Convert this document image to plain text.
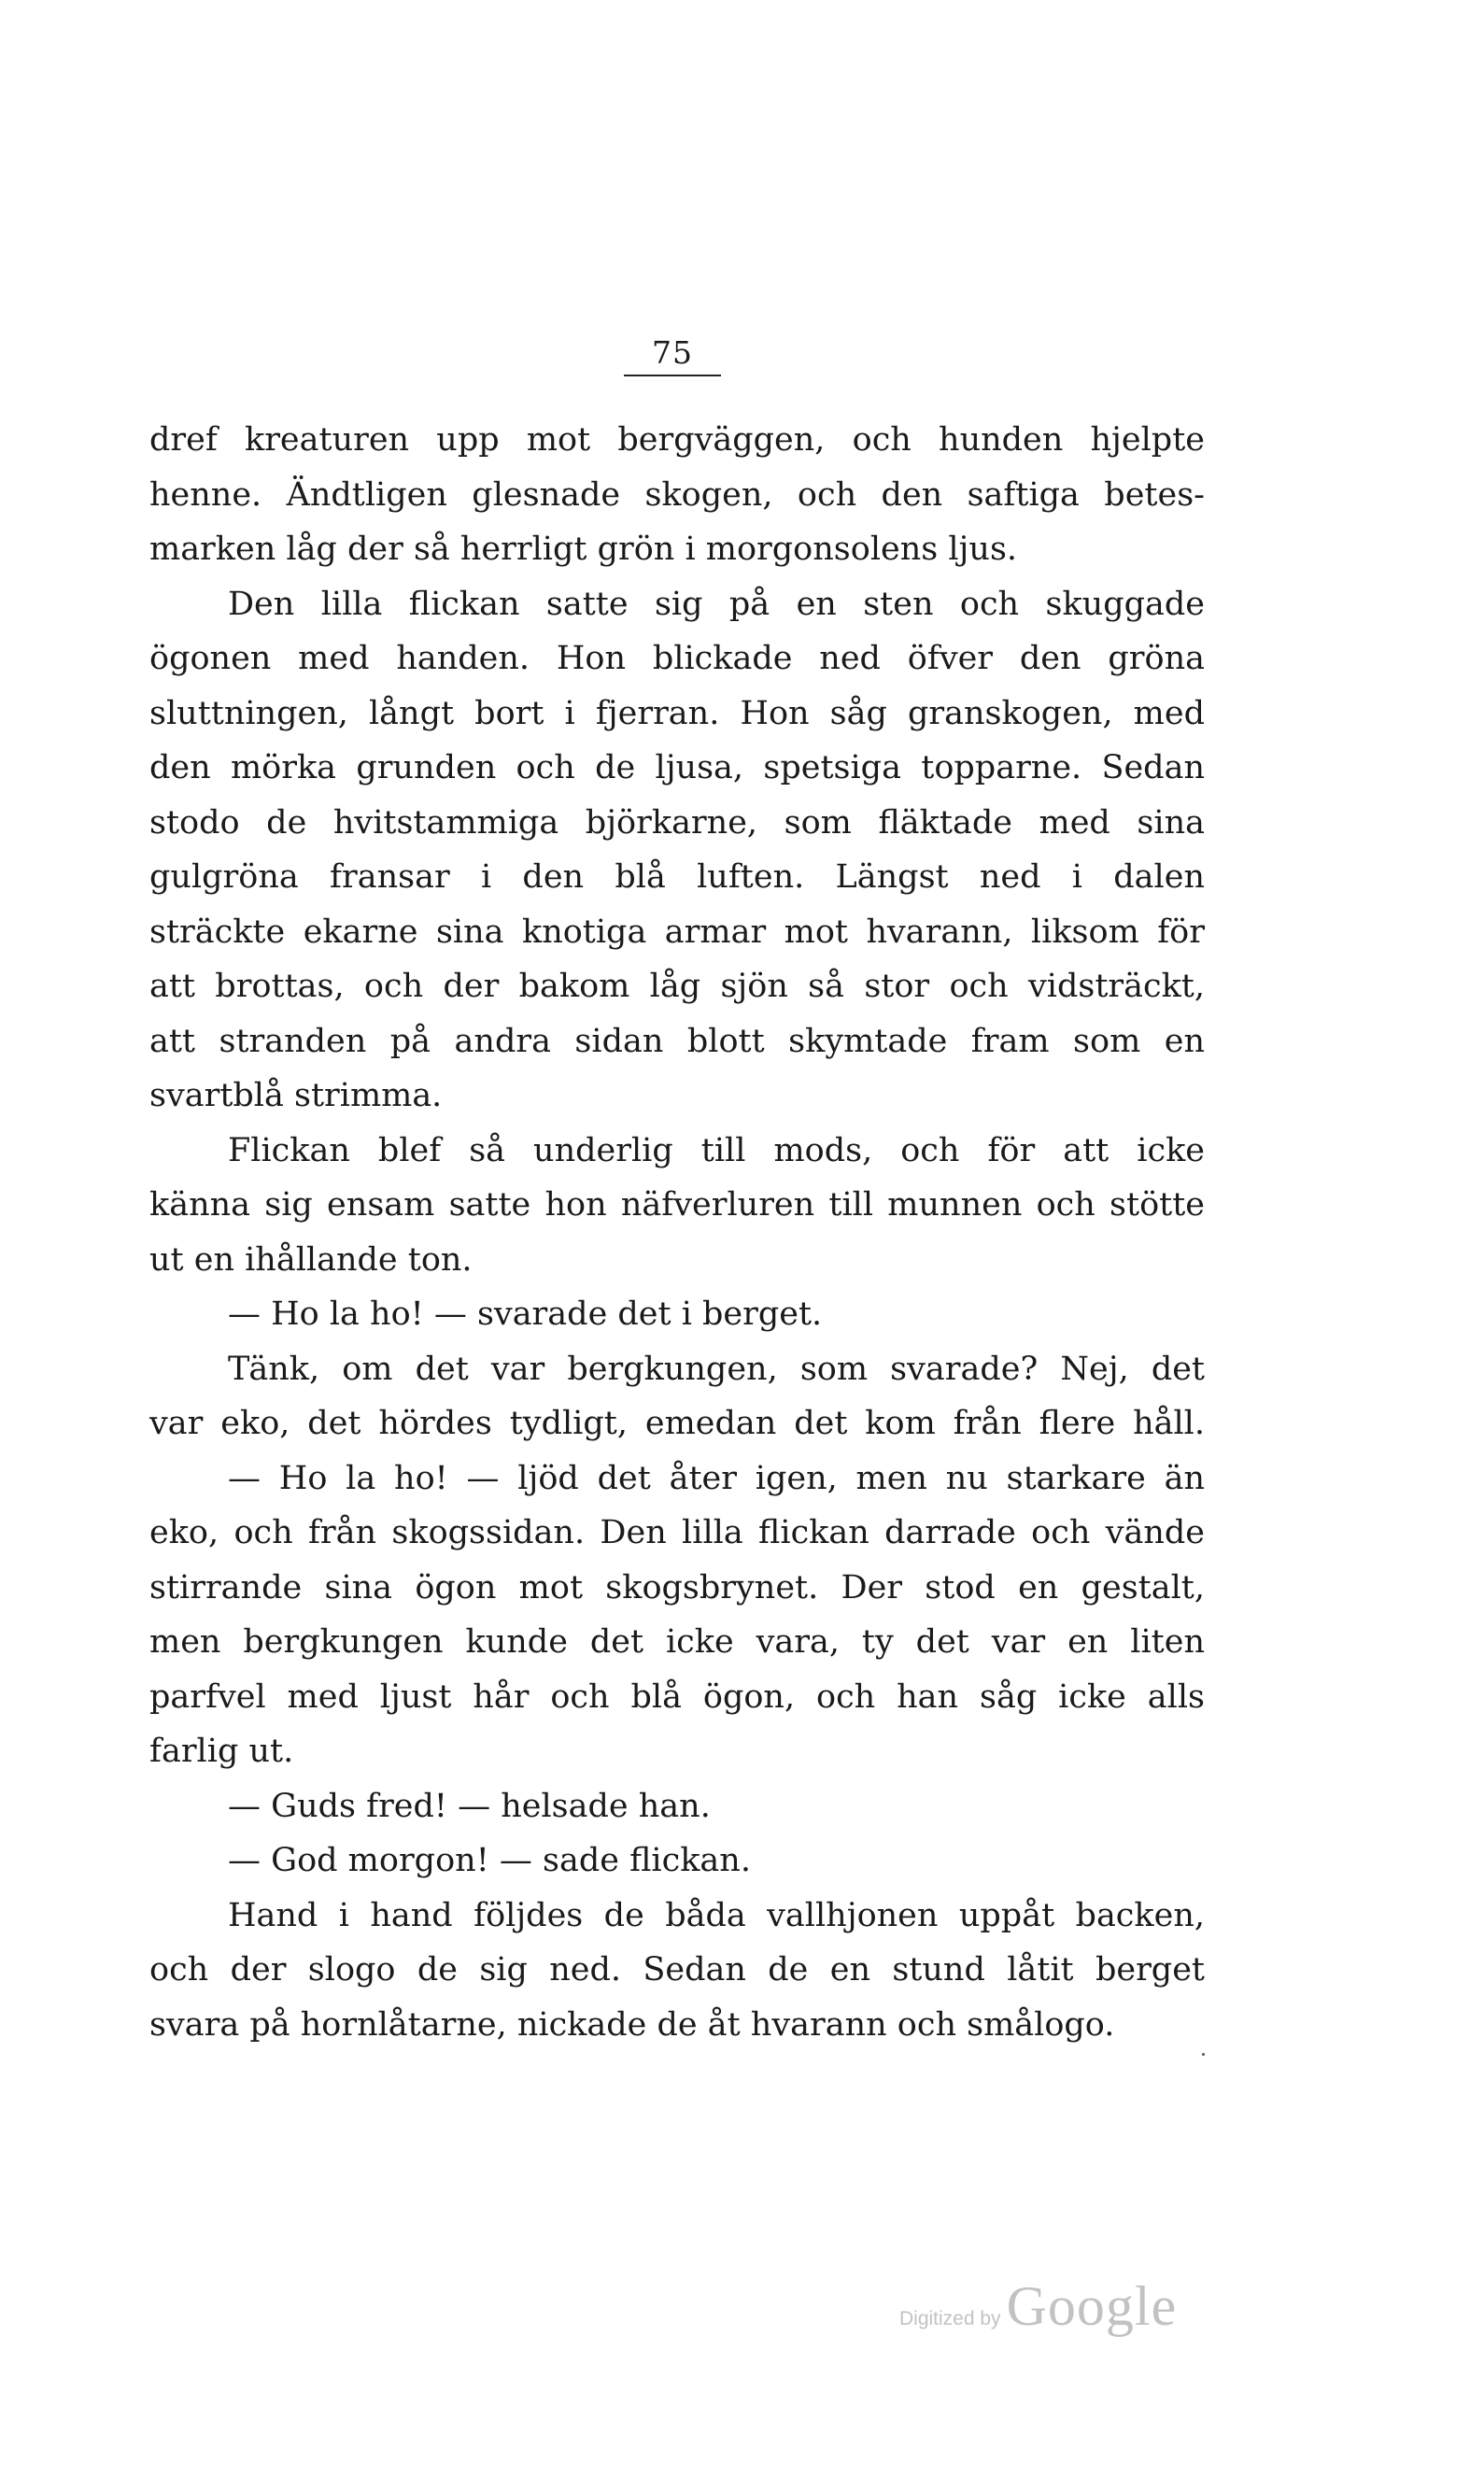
75
dref kreaturen upp mot bergväggen, och hunden hjelpte
henne. Ändtligen glesnade skogen, och den saftiga betes-
marken låg der så herrligt grön i morgonsolens ljus.
Den lilla flickan satte sig på en sten och skuggade
ögonen med handen. Hon blickade ned öfver den gröna
sluttningen, långt bort i fjerran. Hon såg granskogen, med
den mörka grunden och de ljusa, spetsiga topparne. Sedan
stodo de hvitstammiga björkarne, som fläktade med sina
gulgröna fransar i den blå luften. Längst ned i dalen
sträckte ekarne sina knotiga armar mot hvarann, liksom för
att brottas, och der bakom låg sjön så stor och vidsträckt,
att stranden på andra sidan blott skymtade fram som en
svartblå strimma.
Flickan blef så underlig till mods, och för att icke
känna sig ensam satte hon näfverluren till munnen och stötte
ut en ihållande ton.
— Ho la ho! — svarade det i berget.
Tänk, om det var bergkungen, som svarade? Nej, det
var eko, det hördes tydligt, emedan det kom från flere håll.
— Ho la ho! — ljöd det åter igen, men nu starkare än
eko, och från skogssidan. Den lilla flickan darrade och vände
stirrande sina ögon mot skogsbrynet. Der stod en gestalt,
men bergkungen kunde det icke vara, ty det var en liten
parfvel med ljust hår och blå ögon, och han såg icke alls
farlig ut.
— Guds fred! — helsade han.
— God morgon! — sade flickan.
Hand i hand följdes de båda vallhjonen uppåt backen,
och der slogo de sig ned. Sedan de en stund låtit berget
svara på hornlåtarne, nickade de åt hvarann och smålogo.
Digitized by Google
